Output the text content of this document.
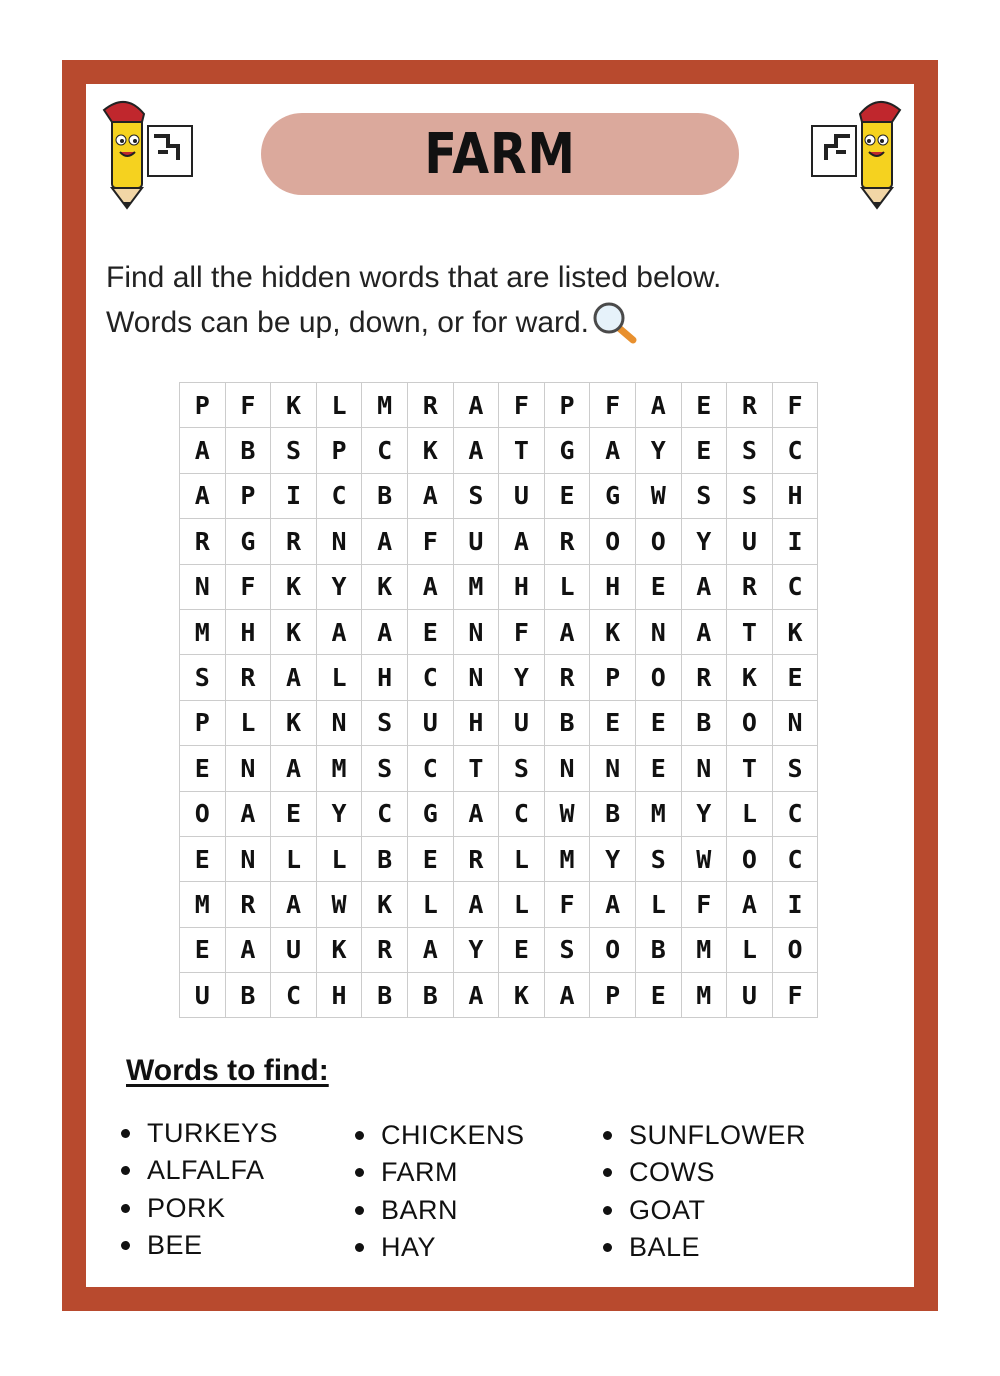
FARM
Find all the hidden words that are listed below.
Words can be up, down, or for ward.
P	F	K	L	M	R	A	F	P	F	A	E	R	F
A	B	S	P	C	K	A	T	G	A	Y	E	S	C
A	P	I	C	B	A	S	U	E	G	W	S	S	H
R	G	R	N	A	F	U	A	R	O	O	Y	U	I
N	F	K	Y	K	A	M	H	L	H	E	A	R	C
M	H	K	A	A	E	N	F	A	K	N	A	T	K
S	R	A	L	H	C	N	Y	R	P	O	R	K	E
P	L	K	N	S	U	H	U	B	E	E	B	O	N
E	N	A	M	S	C	T	S	N	N	E	N	T	S
O	A	E	Y	C	G	A	C	W	B	M	Y	L	C
E	N	L	L	B	E	R	L	M	Y	S	W	O	C
M	R	A	W	K	L	A	L	F	A	L	F	A	I
E	A	U	K	R	A	Y	E	S	O	B	M	L	O
U	B	C	H	B	B	A	K	A	P	E	M	U	F
Words to find:
TURKEYS
ALFALFA
PORK
BEE
CHICKENS
FARM
BARN
HAY
SUNFLOWER
COWS
GOAT
BALE
